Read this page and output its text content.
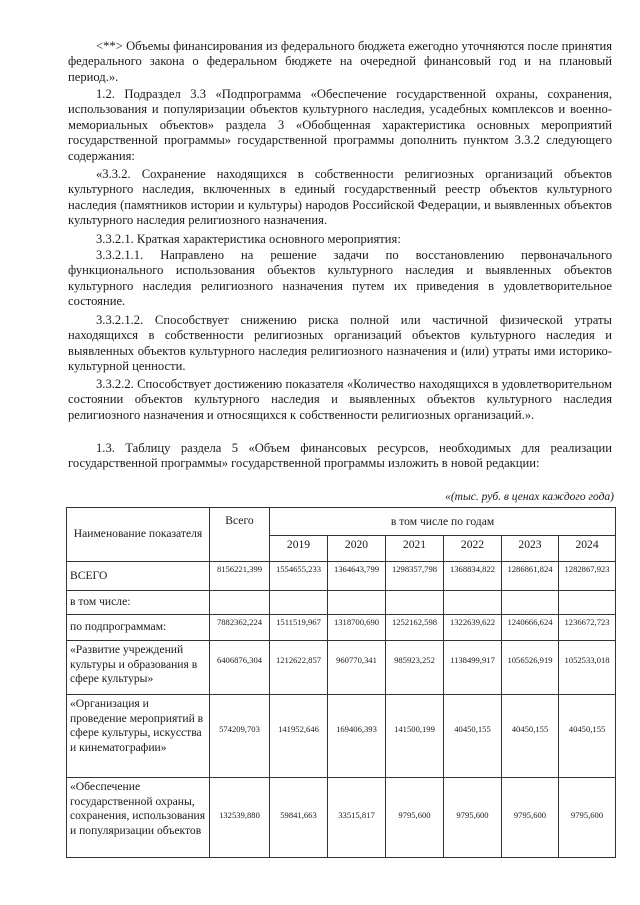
<**> Объемы финансирования из федерального бюджета ежегодно уточняются после принятия федерального закона о федеральном бюджете на очередной финансовый год и на плановый период.».

1.2. Подраздел 3.3 «Подпрограмма «Обеспечение государственной охраны, сохранения, использования и популяризации объектов культурного наследия, усадебных комплексов и военно-мемориальных объектов» раздела 3 «Обобщенная характеристика основных мероприятий государственной программы» государственной программы дополнить пунктом 3.3.2 следующего содержания:

«3.3.2. Сохранение находящихся в собственности религиозных организаций объектов культурного наследия, включенных в единый государственный реестр объектов культурного наследия (памятников истории и культуры) народов Российской Федерации, и выявленных объектов культурного наследия религиозного назначения.

3.3.2.1. Краткая характеристика основного мероприятия:

3.3.2.1.1. Направлено на решение задачи по восстановлению первоначального функционального использования объектов культурного наследия и выявленных объектов культурного наследия религиозного назначения путем их приведения в удовлетворительное состояние.

3.3.2.1.2. Способствует снижению риска полной или частичной физической утраты находящихся в собственности религиозных организаций объектов культурного наследия и выявленных объектов культурного наследия религиозного назначения и (или) утраты ими историко-культурной ценности.

3.3.2.2. Способствует достижению показателя «Количество находящихся в удовлетворительном состоянии объектов культурного наследия и выявленных объектов культурного наследия религиозного назначения и относящихся к собственности религиозных организаций.».

1.3. Таблицу раздела 5 «Объем финансовых ресурсов, необходимых для реализации государственной программы» государственной программы изложить в новой редакции:

«(тыс. руб. в ценах каждого года)
Наименование показателя	Всего	в том числе по годам					
		2019	2020	2021	2022	2023	2024
ВСЕГО	8156221,399	1554655,233	1364643,799	1298357,798	1368834,822	1286861,824	1282867,923
в том числе:							
по подпрограммам:	7882362,224	1511519,967	1318700,690	1252162,598	1322639,622	1240666,624	1236672,723
«Развитие учреждений культуры и образования в сфере культуры»	6406876,304	1212622,857	960770,341	985923,252	1138499,917	1056526,919	1052533,018
«Организация и проведение мероприятий в сфере культуры, искусства и кинематографии»	574209,703	141952,646	169406,393	141500,199	40450,155	40450,155	40450,155
«Обеспечение государственной охраны, сохранения, использования и популяризации объектов	132539,880	59841,663	33515,817	9795,600	9795,600	9795,600	9795,600
